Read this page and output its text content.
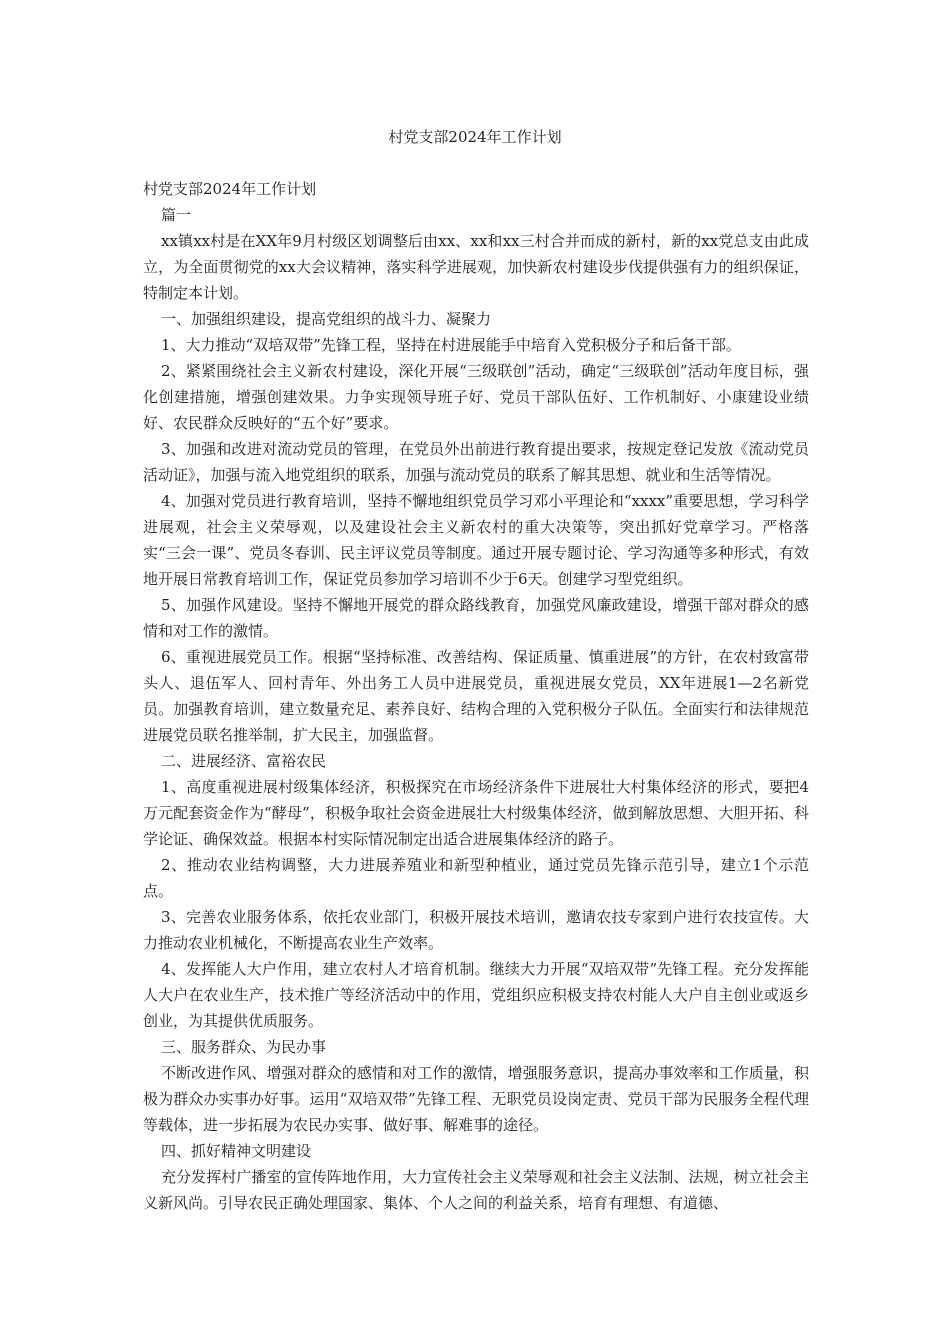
村党支部2024年工作计划

村党支部2024年工作计划

篇一

xx镇xx村是在XX年9月村级区划调整后由xx、xx和xx三村合并而成的新村，新的xx党总支由此成立，为全面贯彻党的xx大会议精神，落实科学进展观，加快新农村建设步伐提供强有力的组织保证，特制定本计划。

一、加强组织建设，提高党组织的战斗力、凝聚力

1、大力推动“双培双带”先锋工程，坚持在村进展能手中培育入党积极分子和后备干部。

2、紧紧围绕社会主义新农村建设，深化开展“三级联创”活动，确定“三级联创”活动年度目标，强化创建措施，增强创建效果。力争实现领导班子好、党员干部队伍好、工作机制好、小康建设业绩好、农民群众反映好的“五个好”要求。

3、加强和改进对流动党员的管理，在党员外出前进行教育提出要求，按规定登记发放《流动党员活动证》，加强与流入地党组织的联系，加强与流动党员的联系了解其思想、就业和生活等情况。

4、加强对党员进行教育培训，坚持不懈地组织党员学习邓小平理论和“xxxx”重要思想，学习科学进展观，社会主义荣辱观，以及建设社会主义新农村的重大决策等，突出抓好党章学习。严格落实“三会一课”、党员冬春训、民主评议党员等制度。通过开展专题讨论、学习沟通等多种形式，有效地开展日常教育培训工作，保证党员参加学习培训不少于6天。创建学习型党组织。

5、加强作风建设。坚持不懈地开展党的群众路线教育，加强党风廉政建设，增强干部对群众的感情和对工作的激情。

6、重视进展党员工作。根据“坚持标准、改善结构、保证质量、慎重进展”的方针，在农村致富带头人、退伍军人、回村青年、外出务工人员中进展党员，重视进展女党员，XX年进展1—2名新党员。加强教育培训，建立数量充足、素养良好、结构合理的入党积极分子队伍。全面实行和法律规范进展党员联名推举制，扩大民主，加强监督。

二、进展经济、富裕农民

1、高度重视进展村级集体经济，积极探究在市场经济条件下进展壮大村集体经济的形式，要把4万元配套资金作为“酵母”，积极争取社会资金进展壮大村级集体经济，做到解放思想、大胆开拓、科学论证、确保效益。根据本村实际情况制定出适合进展集体经济的路子。

2、推动农业结构调整，大力进展养殖业和新型种植业，通过党员先锋示范引导，建立1个示范点。

3、完善农业服务体系，依托农业部门，积极开展技术培训，邀请农技专家到户进行农技宣传。大力推动农业机械化，不断提高农业生产效率。

4、发挥能人大户作用，建立农村人才培育机制。继续大力开展“双培双带”先锋工程。充分发挥能人大户在农业生产，技术推广等经济活动中的作用，党组织应积极支持农村能人大户自主创业或返乡创业，为其提供优质服务。

三、服务群众、为民办事

不断改进作风、增强对群众的感情和对工作的激情，增强服务意识，提高办事效率和工作质量，积极为群众办实事办好事。运用“双培双带”先锋工程、无职党员设岗定责、党员干部为民服务全程代理等载体，进一步拓展为农民办实事、做好事、解难事的途径。

四、抓好精神文明建设

充分发挥村广播室的宣传阵地作用，大力宣传社会主义荣辱观和社会主义法制、法规，树立社会主义新风尚。引导农民正确处理国家、集体、个人之间的利益关系，培育有理想、有道德、
